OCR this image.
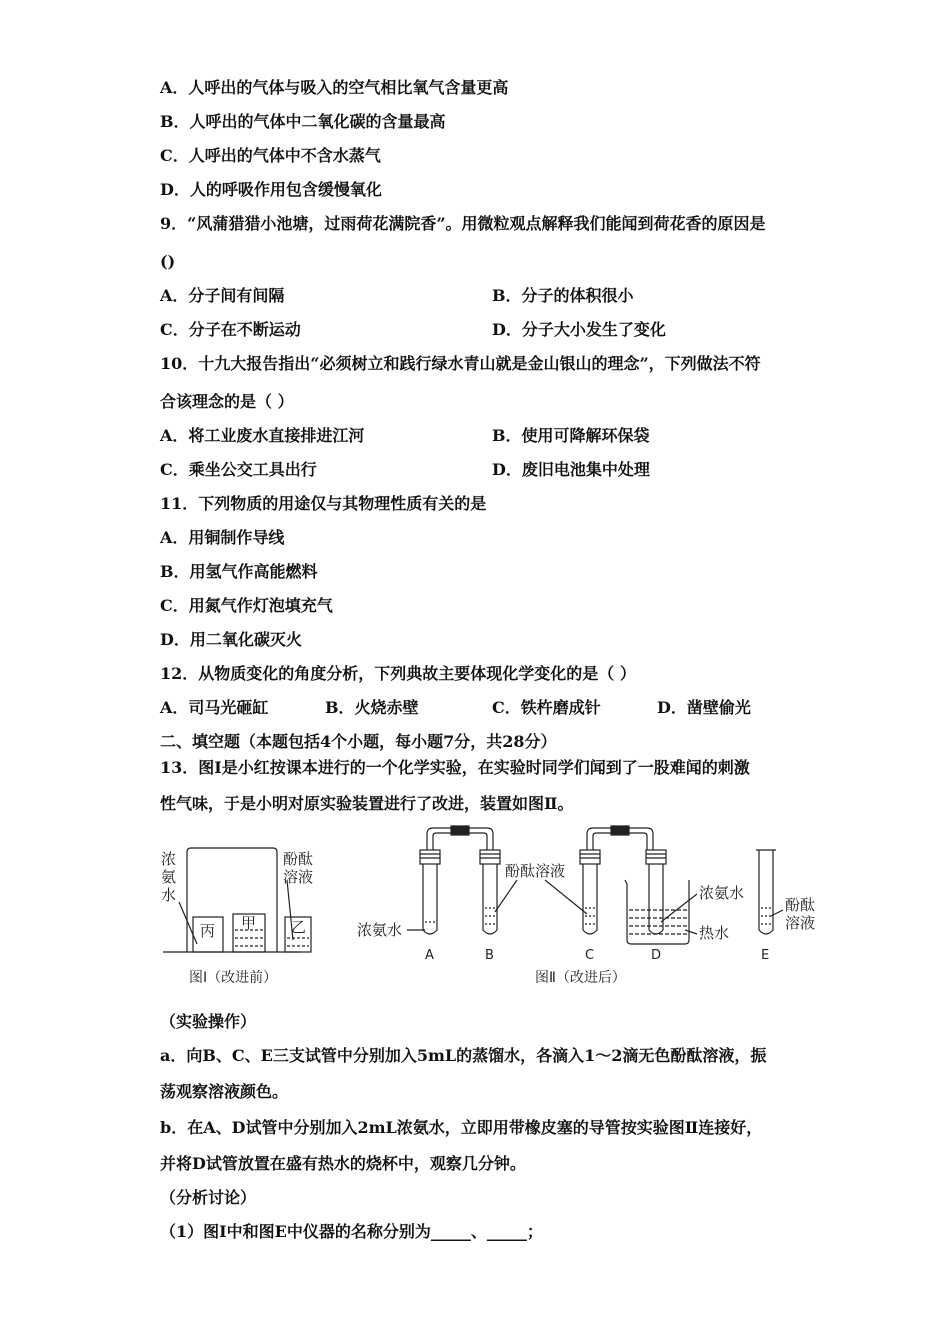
A．人呼出的气体与吸入的空气相比氧气含量更高
B．人呼出的气体中二氧化碳的含量最高
C．人呼出的气体中不含水蒸气
D．人的呼吸作用包含缓慢氧化
9．“风蒲猎猎小池塘，过雨荷花满院香”。用微粒观点解释我们能闻到荷花香的原因是
()
A．分子间有间隔	B．分子的体积很小
C．分子在不断运动	D．分子大小发生了变化
10．十九大报告指出“必须树立和践行绿水青山就是金山银山的理念”，下列做法不符
合该理念的是（ ）
A．将工业废水直接排进江河	B．使用可降解环保袋
C．乘坐公交工具出行	D．废旧电池集中处理
11．下列物质的用途仅与其物理性质有关的是
A．用铜制作导线
B．用氢气作高能燃料
C．用氮气作灯泡填充气
D．用二氧化碳灭火
12．从物质变化的角度分析，下列典故主要体现化学变化的是（ ）
A．司马光砸缸	B．火烧赤壁	C．铁杵磨成针	D．凿壁偷光
二、填空题（本题包括4个小题，每小题7分，共28分）
13．图Ⅰ是小红按课本进行的一个化学实验，在实验时同学们闻到了一股难闻的刺激
性气味，于是小明对原实验装置进行了改进，装置如图Ⅱ。
浓
氨
水
酚酞
溶液
丙 甲 乙
图Ⅰ（改进前）
浓氨水
酚酞溶液
浓氨水
热水
酚酞
溶液
A	B	C	D	E
图Ⅱ（改进后）
（实验操作）
a．向B、C、E三支试管中分别加入5mL的蒸馏水，各滴入1～2滴无色酚酞溶液，振
荡观察溶液颜色。
b．在A、D试管中分别加入2mL浓氨水，立即用带橡皮塞的导管按实验图Ⅱ连接好，
并将D试管放置在盛有热水的烧杯中，观察几分钟。
（分析讨论）
（1）图Ⅰ中和图E中仪器的名称分别为_____、_____；
